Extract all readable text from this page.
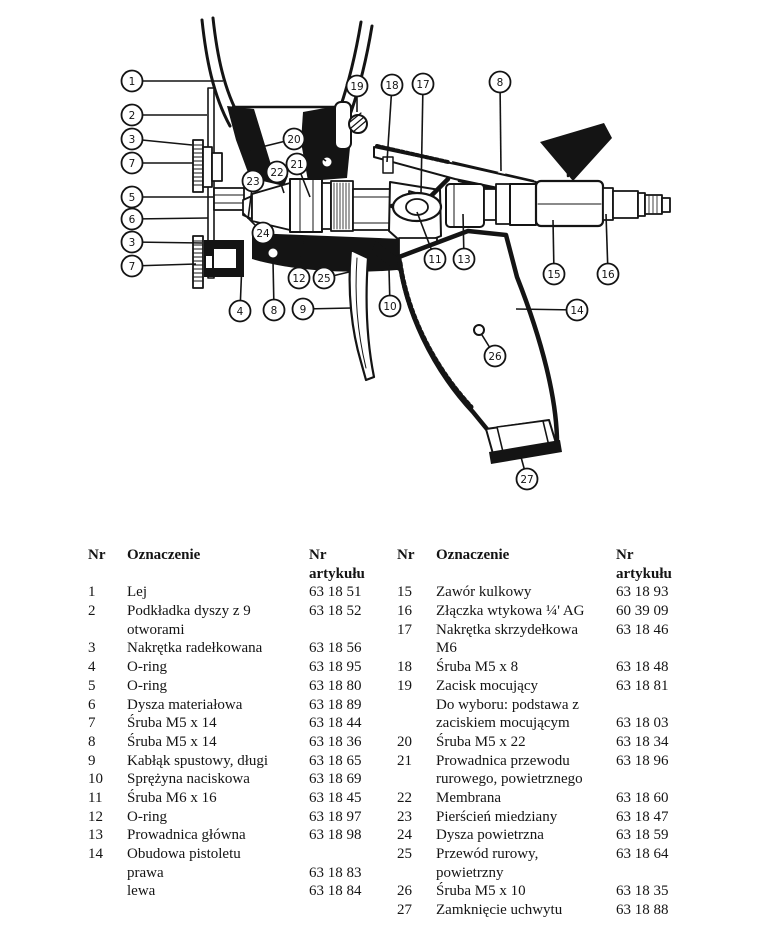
1
2
3
7
5
6
3
7
19 18 17	8
20
21
22
23
24
12 25
4	8 9	10
11 13
15	16
14
26
27
Nr Oznaczenie	Nr
artykułu
1 Lej	63 18 51
2 Podkładka dyszy z 9	63 18 52
otworami
3 Nakrętka radełkowana	63 18 56
4 O-ring	63 18 95
5 O-ring	63 18 80
6 Dysza materiałowa	63 18 89
7 Śruba M5 x 14	63 18 44
8 Śruba M5 x 14	63 18 36
9 Kabłąk spustowy, długi	63 18 65
10 Sprężyna naciskowa	63 18 69
11 Śruba M6 x 16	63 18 45
12 O-ring	63 18 97
13 Prowadnica główna	63 18 98
14 Obudowa pistoletu
prawa	63 18 83
lewa	63 18 84
Nr Oznaczenie	Nr
artykułu
15 Zawór kulkowy	63 18 93
16 Złączka wtykowa ¼' AG 60 39 09
17 Nakrętka skrzydełkowa	63 18 46
M6
18 Śruba M5 x 8	63 18 48
19 Zacisk mocujący	63 18 81
Do wyboru: podstawa z
zaciskiem mocującym	63 18 03
20 Śruba M5 x 22	63 18 34
21 Prowadnica przewodu	63 18 96
rurowego, powietrznego
22 Membrana	63 18 60
23 Pierścień miedziany	63 18 47
24 Dysza powietrzna	63 18 59
25 Przewód rurowy,	63 18 64
powietrzny
26 Śruba M5 x 10	63 18 35
27 Zamknięcie uchwytu	63 18 88
